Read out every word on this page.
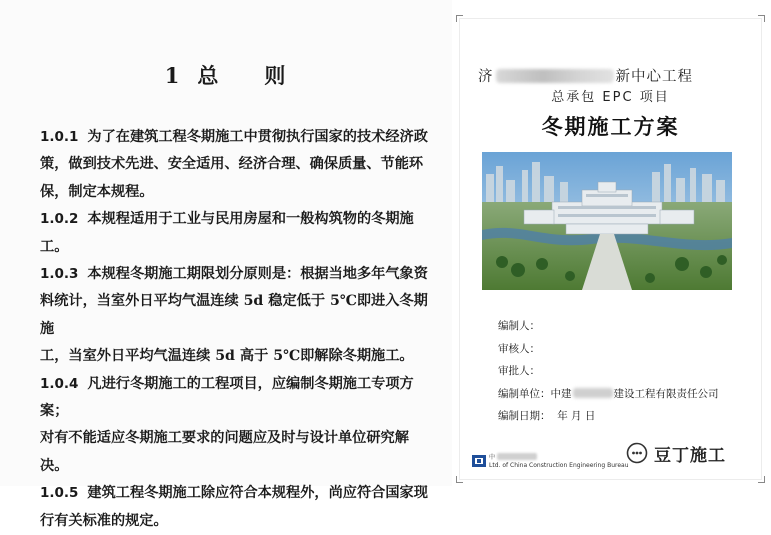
1 总 则

1.0.1 为了在建筑工程冬期施工中贯彻执行国家的技术经济政
策，做到技术先进、安全适用、经济合理、确保质量、节能环
保，制定本规程。

1.0.2 本规程适用于工业与民用房屋和一般构筑物的冬期施工。

1.0.3 本规程冬期施工期限划分原则是：根据当地多年气象资
料统计，当室外日平均气温连续 5d 稳定低于 5℃即进入冬期施
工，当室外日平均气温连续 5d 高于 5℃即解除冬期施工。

1.0.4 凡进行冬期施工的工程项目，应编制冬期施工专项方案；
对有不能适应冬期施工要求的问题应及时与设计单位研究解决。

1.0.5 建筑工程冬期施工除应符合本规程外，尚应符合国家现
行有关标准的规定。

济	新中心工程
总承包 EPC 项目
冬期施工方案
编制人：
审核人：
审批人：
编制单位：中建	建设工程有限责任公司
编制日期： 年 月 日
中
Ltd. of China Construction Engineering Bureau 豆丁施工
